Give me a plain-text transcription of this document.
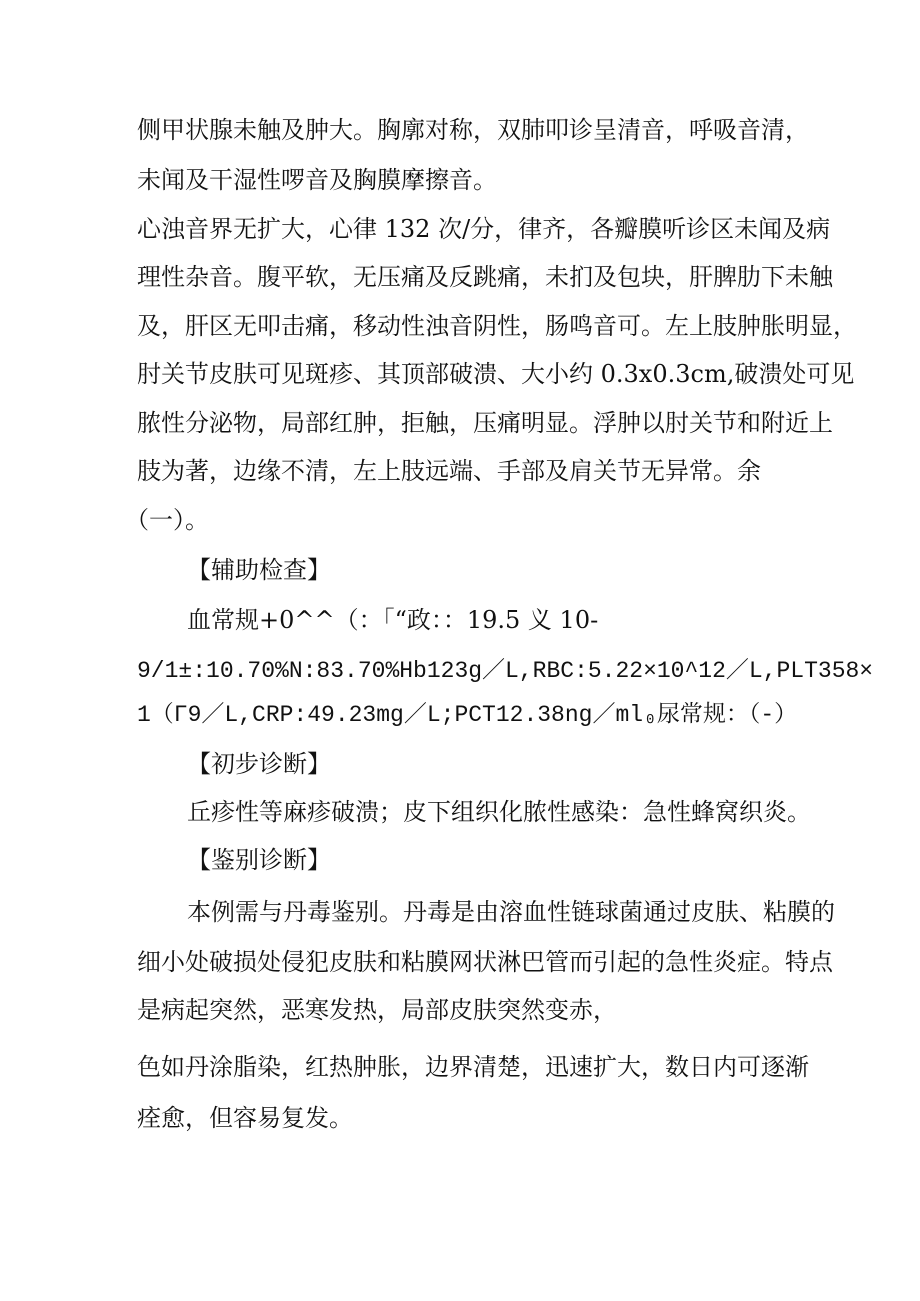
侧甲状腺未触及肿大。胸廓对称，双肺叩诊呈清音，呼吸音清，
未闻及干湿性啰音及胸膜摩擦音。
心浊音界无扩大，心律 132 次/分，律齐，各瓣膜听诊区未闻及病
理性杂音。腹平软，无压痛及反跳痛，未扪及包块，肝脾肋下未触
及，肝区无叩击痛，移动性浊音阴性，肠鸣音可。左上肢肿胀明显，
肘关节皮肤可见斑疹、其顶部破溃、大小约 0.3x0.3cm,破溃处可见
脓性分泌物，局部红肿，拒触，压痛明显。浮肿以肘关节和附近上
肢为著，边缘不清，左上肢远端、手部及肩关节无异常。余
（一）。
【辅助检查】
血常规+0^^（：「“政：：19.5 义 10-
9/1±:10.70%N:83.70%Hb123g／L,RBC:5.22×10^12／L,PLT358×
1（Γ9／L,CRP:49.23mg／L;PCT12.38ng／ml₀尿常规：（-）
【初步诊断】
丘疹性等麻疹破溃；皮下组织化脓性感染：急性蜂窝织炎。
【鉴别诊断】
本例需与丹毒鉴别。丹毒是由溶血性链球菌通过皮肤、粘膜的
细小处破损处侵犯皮肤和粘膜网状淋巴管而引起的急性炎症。特点
是病起突然，恶寒发热，局部皮肤突然变赤，
色如丹涂脂染，红热肿胀，边界清楚，迅速扩大，数日内可逐渐
痊愈，但容易复发。
